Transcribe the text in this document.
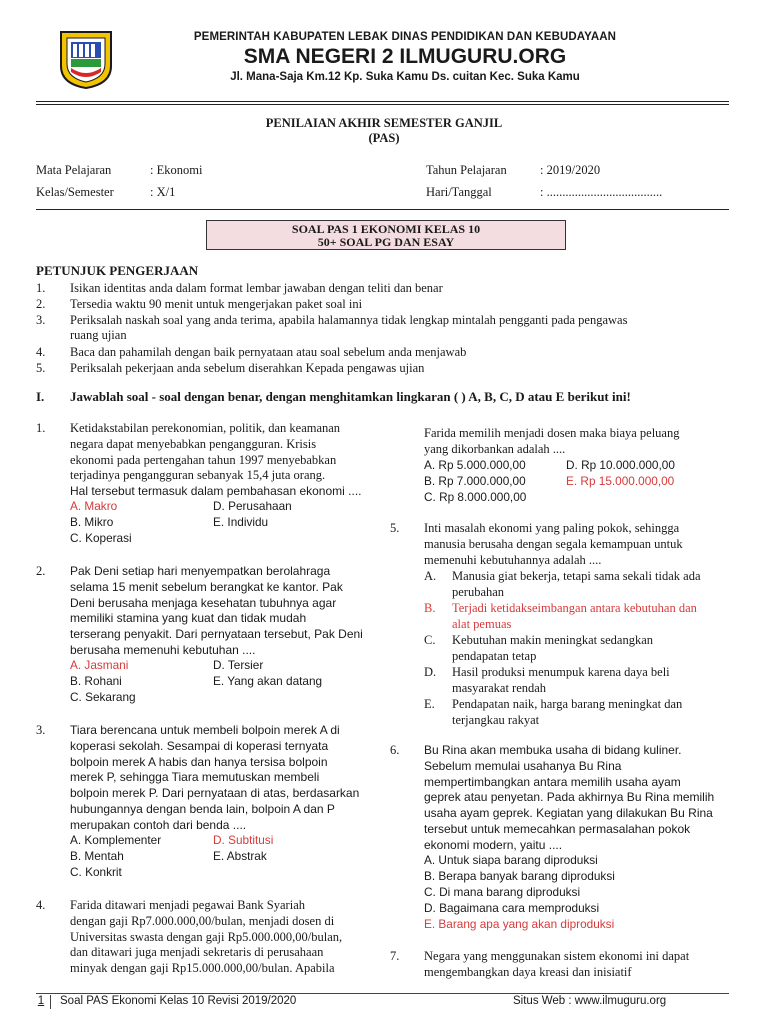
PEMERINTAH KABUPATEN LEBAK DINAS PENDIDIKAN DAN KEBUDAYAAN
SMA NEGERI 2 ILMUGURU.ORG
Jl. Mana-Saja Km.12 Kp. Suka Kamu Ds. cuitan Kec. Suka Kamu
PENILAIAN AKHIR SEMESTER GANJIL
(PAS)
Mata Pelajaran	: Ekonomi
Kelas/Semester	: X/1
Tahun Pelajaran	: 2019/2020
Hari/Tanggal	: .....................................
SOAL PAS 1 EKONOMI KELAS 10
50+ SOAL PG DAN ESAY
PETUNJUK PENGERJAAN
1. Isikan identitas anda dalam format lembar jawaban dengan teliti dan benar
2. Tersedia waktu 90 menit untuk mengerjakan paket soal ini
3. Periksalah naskah soal yang anda terima, apabila halamannya tidak lengkap mintalah pengganti pada pengawas
ruang ujian
4. Baca dan pahamilah dengan baik pernyataan atau soal sebelum anda menjawab
5. Periksalah pekerjaan anda sebelum diserahkan Kepada pengawas ujian
I. Jawablah soal - soal dengan benar, dengan menghitamkan lingkaran ( ) A, B, C, D atau E berikut ini!
1. Ketidakstabilan perekonomian, politik, dan keamanan
negara dapat menyebabkan pengangguran. Krisis
ekonomi pada pertengahan tahun 1997 menyebabkan
terjadinya pengangguran sebanyak 15,4 juta orang.
Hal tersebut termasuk dalam pembahasan ekonomi ....
A. Makro
B. Mikro
C. Koperasi
D. Perusahaan
E. Individu
2. Pak Deni setiap hari menyempatkan berolahraga
selama 15 menit sebelum berangkat ke kantor. Pak
Deni berusaha menjaga kesehatan tubuhnya agar
memiliki stamina yang kuat dan tidak mudah
terserang penyakit. Dari pernyataan tersebut, Pak Deni
berusaha memenuhi kebutuhan ....
A. Jasmani
B. Rohani
C. Sekarang
D. Tersier
E. Yang akan datang
3. Tiara berencana untuk membeli bolpoin merek A di
koperasi sekolah. Sesampai di koperasi ternyata
bolpoin merek A habis dan hanya tersisa bolpoin
merek P, sehingga Tiara memutuskan membeli
bolpoin merek P. Dari pernyataan di atas, berdasarkan
hubungannya dengan benda lain, bolpoin A dan P
merupakan contoh dari benda ....
A. Komplementer
B. Mentah
C. Konkrit
D. Subtitusi
E. Abstrak
4. Farida ditawari menjadi pegawai Bank Syariah
dengan gaji Rp7.000.000,00/bulan, menjadi dosen di
Universitas swasta dengan gaji Rp5.000.000,00/bulan,
dan ditawari juga menjadi sekretaris di perusahaan
minyak dengan gaji Rp15.000.000,00/bulan. Apabila
Farida memilih menjadi dosen maka biaya peluang
yang dikorbankan adalah ....
A. Rp 5.000.000,00
B. Rp 7.000.000,00
C. Rp 8.000.000,00
D. Rp 10.000.000,00
E. Rp 15.000.000,00
5. Inti masalah ekonomi yang paling pokok, sehingga
manusia berusaha dengan segala kemampuan untuk
memenuhi kebutuhannya adalah ....
A. Manusia giat bekerja, tetapi sama sekali tidak ada
perubahan
B. Terjadi ketidakseimbangan antara kebutuhan dan
alat pemuas
C. Kebutuhan makin meningkat sedangkan
pendapatan tetap
D. Hasil produksi menumpuk karena daya beli
masyarakat rendah
E. Pendapatan naik, harga barang meningkat dan
terjangkau rakyat
6. Bu Rina akan membuka usaha di bidang kuliner.
Sebelum memulai usahanya Bu Rina
mempertimbangkan antara memilih usaha ayam
geprek atau penyetan. Pada akhirnya Bu Rina memilih
usaha ayam geprek. Kegiatan yang dilakukan Bu Rina
tersebut untuk memecahkan permasalahan pokok
ekonomi modern, yaitu ....
A. Untuk siapa barang diproduksi
B. Berapa banyak barang diproduksi
C. Di mana barang diproduksi
D. Bagaimana cara memproduksi
E. Barang apa yang akan diproduksi
7. Negara yang menggunakan sistem ekonomi ini dapat
mengembangkan daya kreasi dan inisiatif
1 Soal PAS Ekonomi Kelas 10 Revisi 2019/2020	Situs Web : www.ilmuguru.org
